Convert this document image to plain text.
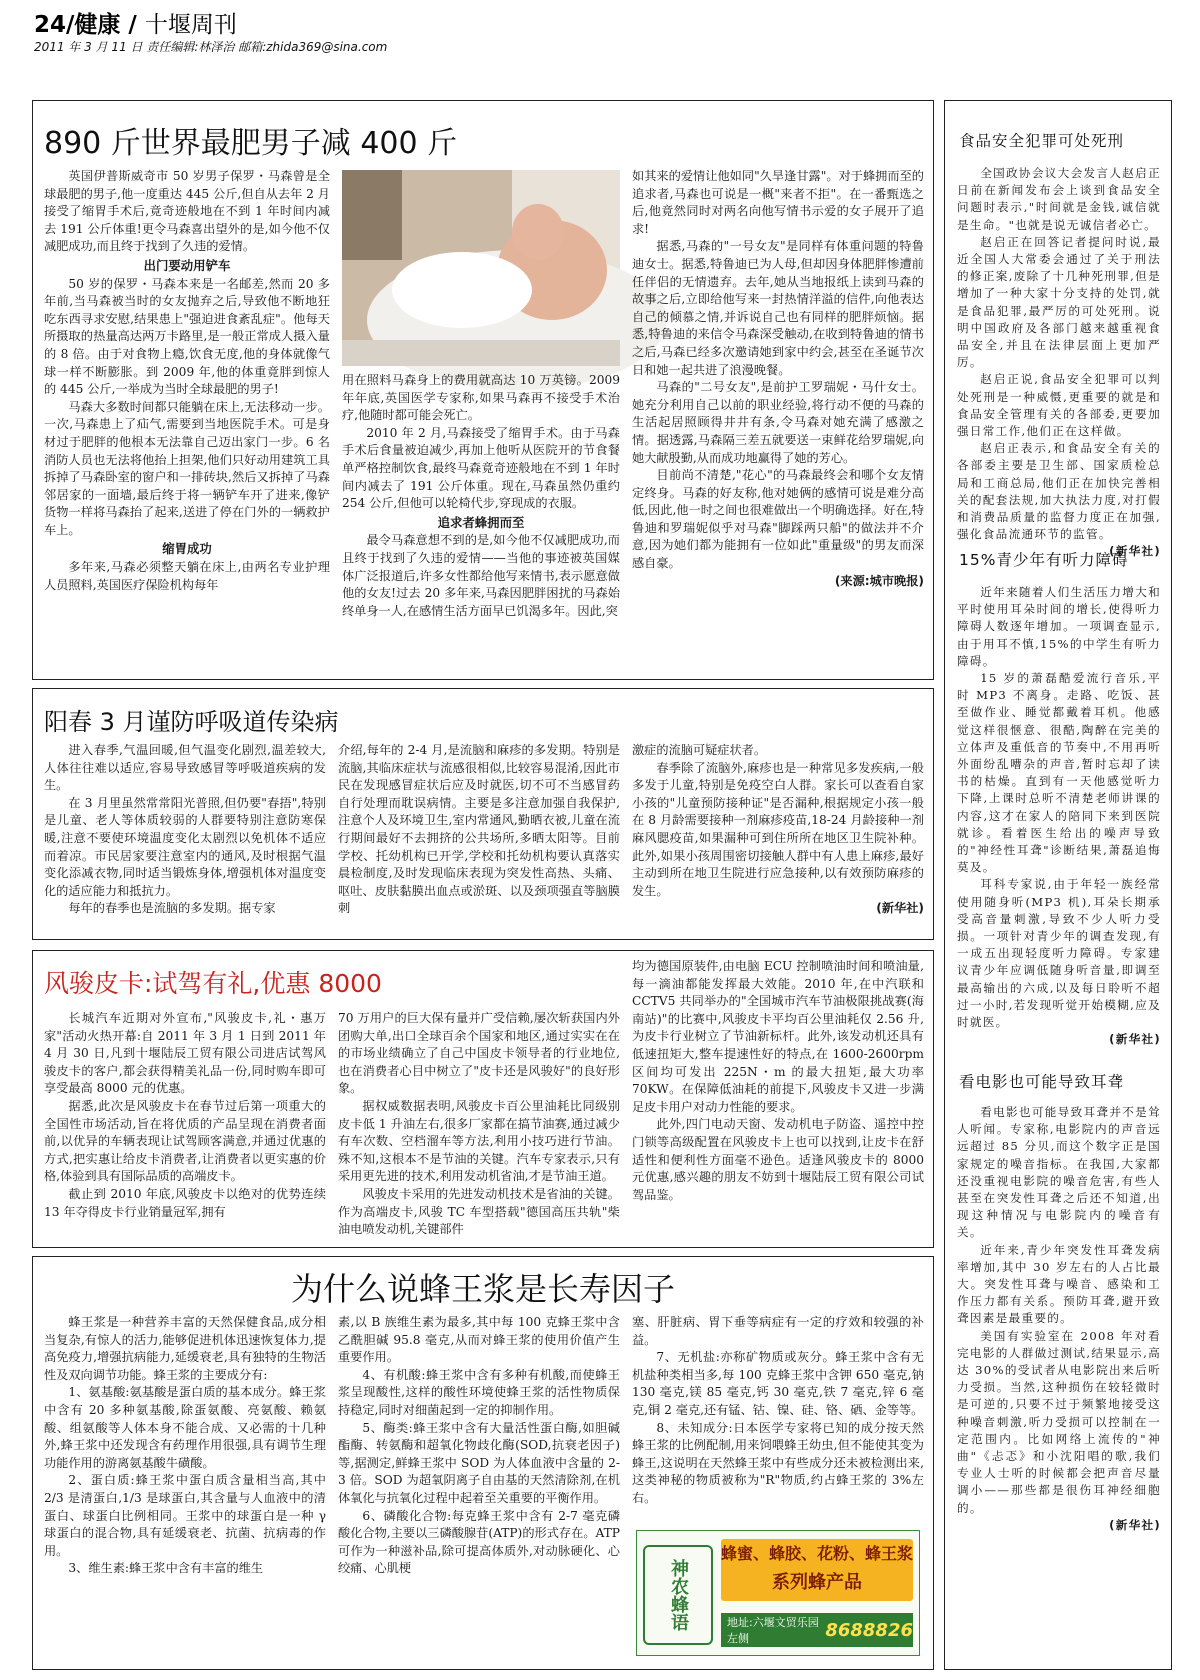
24/健康 / 十堰周刊
2011 年 3 月 11 日 责任编辑:林泽治 邮箱:zhida369@sina.com
890 斤世界最肥男子减 400 斤

英国伊普斯威奇市 50 岁男子保罗・马森曾是全球最肥的男子,他一度重达 445 公斤,但自从去年 2 月接受了缩胃手术后,竟奇迹般地在不到 1 年时间内减去 191 公斤体重!更令马森喜出望外的是,如今他不仅减肥成功,而且终于找到了久违的爱情。

出门要动用铲车

50 岁的保罗・马森本来是一名邮差,然而 20 多年前,当马森被当时的女友抛弃之后,导致他不断地狂吃东西寻求安慰,结果患上"强迫进食紊乱症"。他每天所摄取的热量高达两万卡路里,是一般正常成人摄入量的 8 倍。由于对食物上瘾,饮食无度,他的身体就像气球一样不断膨胀。到 2009 年,他的体重竟胖到惊人的 445 公斤,一举成为当时全球最肥的男子!

马森大多数时间都只能躺在床上,无法移动一步。一次,马森患上了疝气,需要到当地医院手术。可是身材过于肥胖的他根本无法靠自己迈出家门一步。6 名消防人员也无法将他抬上担架,他们只好动用建筑工具拆掉了马森卧室的窗户和一排砖块,然后又拆掉了马森邻居家的一面墙,最后终于将一辆铲车开了进来,像铲货物一样将马森抬了起来,送进了停在门外的一辆救护车上。

缩胃成功

多年来,马森必须整天躺在床上,由两名专业护理人员照料,英国医疗保险机构每年

用在照料马森身上的费用就高达 10 万英镑。2009 年年底,英国医学专家称,如果马森再不接受手术治疗,他随时都可能会死亡。

2010 年 2 月,马森接受了缩胃手术。由于马森手术后食量被迫减少,再加上他听从医院开的节食餐单严格控制饮食,最终马森竟奇迹般地在不到 1 年时间内减去了 191 公斤体重。现在,马森虽然仍重约 254 公斤,但他可以轮椅代步,穿现成的衣服。

追求者蜂拥而至

最令马森意想不到的是,如今他不仅减肥成功,而且终于找到了久违的爱情——当他的事迹被英国媒体广泛报道后,许多女性都给他写来情书,表示愿意做他的女友!过去 20 多年来,马森因肥胖困扰的马森始终单身一人,在感情生活方面早已饥渴多年。因此,突

如其来的爱情让他如同"久旱逢甘露"。对于蜂拥而至的追求者,马森也可说是一概"来者不拒"。在一番甄选之后,他竟然同时对两名向他写情书示爱的女子展开了追求!

据悉,马森的"一号女友"是同样有体重问题的特鲁迪女士。据悉,特鲁迪已为人母,但却因身体肥胖惨遭前任伴侣的无情遗弃。去年,她从当地报纸上读到马森的故事之后,立即给他写来一封热情洋溢的信件,向他表达自己的倾慕之情,并诉说自己也有同样的肥胖烦恼。据悉,特鲁迪的来信令马森深受触动,在收到特鲁迪的情书之后,马森已经多次邀请她到家中约会,甚至在圣诞节次日和她一起共进了浪漫晚餐。

马森的"二号女友",是前护工罗瑞妮・马什女士。她充分利用自己以前的职业经验,将行动不便的马森的生活起居照顾得井井有条,令马森对她充满了感激之情。据透露,马森隔三差五就要送一束鲜花给罗瑞妮,向她大献殷勤,从而成功地赢得了她的芳心。

目前尚不清楚,"花心"的马森最终会和哪个女友情定终身。马森的好友称,他对她俩的感情可说是难分高低,因此,他一时之间也很难做出一个明确选择。好在,特鲁迪和罗瑞妮似乎对马森"脚踩两只船"的做法并不介意,因为她们都为能拥有一位如此"重量级"的男友而深感自豪。

(来源:城市晚报)
阳春 3 月谨防呼吸道传染病

进入春季,气温回暖,但气温变化剧烈,温差较大,人体往往难以适应,容易导致感冒等呼吸道疾病的发生。

在 3 月里虽然常常阳光普照,但仍要"春捂",特别是儿童、老人等体质较弱的人群要特别注意防寒保暖,注意不要使环境温度变化太剧烈以免机体不适应而着凉。市民居家要注意室内的通风,及时根据气温变化添减衣物,同时适当锻炼身体,增强机体对温度变化的适应能力和抵抗力。

每年的春季也是流脑的多发期。据专家

介绍,每年的 2-4 月,是流脑和麻疹的多发期。特别是流脑,其临床症状与流感很相似,比较容易混淆,因此市民在发现感冒症状后应及时就医,切不可不当感冒药自行处理而耽误病情。主要是多注意加强自我保护,注意个人及环境卫生,室内常通风,勤晒衣被,儿童在流行期间最好不去拥挤的公共场所,多晒太阳等。目前学校、托幼机构已开学,学校和托幼机构要认真落实晨检制度,及时发现临床表现为突发性高热、头痛、呕吐、皮肤黏膜出血点或淤斑、以及颈项强直等脑膜刺

激症的流脑可疑症状者。

春季除了流脑外,麻疹也是一种常见多发疾病,一般多发于儿童,特别是免疫空白人群。家长可以查看自家小孩的"儿童预防接种证"是否漏种,根据规定小孩一般在 8 月龄需要接种一剂麻疹疫苗,18-24 月龄接种一剂麻风腮疫苗,如果漏种可到住所所在地区卫生院补种。此外,如果小孩周围密切接触人群中有人患上麻疹,最好主动到所在地卫生院进行应急接种,以有效预防麻疹的发生。

(新华社)
风骏皮卡:试驾有礼,优惠 8000

长城汽车近期对外宣布,"风骏皮卡,礼・惠万家"活动火热开幕:自 2011 年 3 月 1 日到 2011 年 4 月 30 日,凡到十堰陆辰工贸有限公司进店试驾风骏皮卡的客户,都会获得精美礼品一份,同时购车即可享受最高 8000 元的优惠。

据悉,此次是风骏皮卡在春节过后第一项重大的全国性市场活动,旨在将优质的产品呈现在消费者面前,以优异的车辆表现让试驾顾客满意,并通过优惠的方式,把实惠让给皮卡消费者,让消费者以更实惠的价格,体验到具有国际品质的高端皮卡。

截止到 2010 年底,风骏皮卡以绝对的优势连续 13 年夺得皮卡行业销量冠军,拥有

70 万用户的巨大保有量并广受信赖,屡次斩获国内外团购大单,出口全球百余个国家和地区,通过实实在在的市场业绩确立了自己中国皮卡领导者的行业地位,也在消费者心目中树立了"皮卡还是风骏好"的良好形象。

据权威数据表明,风骏皮卡百公里油耗比同级别皮卡低 1 升油左右,很多厂家都在搞节油赛,通过减少有车次数、空档溜车等方法,利用小技巧进行节油。殊不知,这根本不是节油的关键。汽车专家表示,只有采用更先进的技术,利用发动机省油,才是节油王道。

风骏皮卡采用的先进发动机技术是省油的关键。作为高端皮卡,风骏 TC 车型搭载"德国高压共轨"柴油电喷发动机,关键部件

均为德国原装件,由电脑 ECU 控制喷油时间和喷油量,每一滴油都能发挥最大效能。2010 年,在中汽联和 CCTV5 共同举办的"全国城市汽车节油极限挑战赛(海南站)"的比赛中,风骏皮卡平均百公里油耗仅 2.56 升,为皮卡行业树立了节油新标杆。此外,该发动机还具有低速扭矩大,整车提速性好的特点,在 1600-2600rpm 区间均可发出 225N・m 的最大扭矩,最大功率 70KW。在保障低油耗的前提下,风骏皮卡又进一步满足皮卡用户对动力性能的要求。

此外,四门电动天窗、发动机电子防盗、遥控中控门锁等高级配置在风骏皮卡上也可以找到,让皮卡在舒适性和便利性方面毫不逊色。适逢风骏皮卡的 8000 元优惠,感兴趣的朋友不妨到十堰陆辰工贸有限公司试驾品鉴。

为什么说蜂王浆是长寿因子

蜂王浆是一种营养丰富的天然保健食品,成分相当复杂,有惊人的活力,能够促进机体迅速恢复体力,提高免疫力,增强抗病能力,延缓衰老,具有独特的生物活性及双向调节功能。蜂王浆的主要成分有:

1、氨基酸:氨基酸是蛋白质的基本成分。蜂王浆中含有 20 多种氨基酸,除蛋氨酸、亮氨酸、赖氨酸、组氨酸等人体本身不能合成、又必需的十几种外,蜂王浆中还发现含有药理作用很强,具有调节生理功能作用的游离氨基酸牛磺酸。

2、蛋白质:蜂王浆中蛋白质含量相当高,其中 2/3 是清蛋白,1/3 是球蛋白,其含量与人血液中的清蛋白、球蛋白比例相同。王浆中的球蛋白是一种 γ 球蛋白的混合物,具有延缓衰老、抗菌、抗病毒的作用。

3、维生素:蜂王浆中含有丰富的维生

素,以 B 族维生素为最多,其中每 100 克蜂王浆中含乙酰胆碱 95.8 毫克,从而对蜂王浆的使用价值产生重要作用。

4、有机酸:蜂王浆中含有多种有机酸,而使蜂王浆呈现酸性,这样的酸性环境使蜂王浆的活性物质保持稳定,同时对细菌起到一定的抑制作用。

5、酶类:蜂王浆中含有大量活性蛋白酶,如胆碱酯酶、转氨酶和超氧化物歧化酶(SOD,抗衰老因子)等,据测定,鲜蜂王浆中 SOD 为人体血液中含量的 2-3 倍。SOD 为超氧阴离子自由基的天然清除剂,在机体氧化与抗氧化过程中起着至关重要的平衡作用。

6、磷酸化合物:每克蜂王浆中含有 2-7 毫克磷酸化合物,主要以三磷酸腺苷(ATP)的形式存在。ATP 可作为一种滋补品,除可提高体质外,对动脉硬化、心绞痛、心肌梗

塞、肝脏病、胃下垂等病症有一定的疗效和较强的补益。

7、无机盐:亦称矿物质或灰分。蜂王浆中含有无机盐种类相当多,每 100 克蜂王浆中含钾 650 毫克,钠 130 毫克,镁 85 毫克,钙 30 毫克,铁 7 毫克,锌 6 毫克,铜 2 毫克,还有锰、钴、镍、硅、铬、硒、金等等。

8、未知成分:日本医学专家将已知的成分按天然蜂王浆的比例配制,用来饲喂蜂王幼虫,但不能使其变为蜂王,这说明在天然蜂王浆中有些成分还未被检测出来,这类神秘的物质被称为"R"物质,约占蜂王浆的 3%左右。

神农蜂语
蜂蜜、蜂胶、花粉、蜂王浆
系列蜂产品
地址:六堰文贸乐园左侧	8688826
食品安全犯罪可处死刑

全国政协会议大会发言人赵启正日前在新闻发布会上谈到食品安全问题时表示,"时间就是金钱,诚信就是生命。"也就是说无诚信者必亡。

赵启正在回答记者提问时说,最近全国人大常委会通过了关于刑法的修正案,废除了十几种死刑罪,但是增加了一种大家十分支持的处罚,就是食品犯罪,最严厉的可处死刑。说明中国政府及各部门越来越重视食品安全,并且在法律层面上更加严厉。

赵启正说,食品安全犯罪可以判处死刑是一种威慑,更重要的就是和食品安全管理有关的各部委,更要加强日常工作,他们正在这样做。

赵启正表示,和食品安全有关的各部委主要是卫生部、国家质检总局和工商总局,他们正在加快完善相关的配套法规,加大执法力度,对打假和消费品质量的监督力度正在加强,强化食品流通环节的监管。

(新华社)
15%青少年有听力障碍

近年来随着人们生活压力增大和平时使用耳朵时间的增长,使得听力障碍人数逐年增加。一项调查显示,由于用耳不慎,15%的中学生有听力障碍。

15 岁的萧磊酷爱流行音乐,平时 MP3 不离身。走路、吃饭、甚至做作业、睡觉都戴着耳机。他感觉这样很惬意、很酷,陶醉在完美的立体声及重低音的节奏中,不用再听外面纷乱嘈杂的声音,暂时忘却了读书的枯燥。直到有一天他感觉听力下降,上课时总听不清楚老师讲课的内容,这才在家人的陪同下来到医院就诊。看着医生给出的噪声导致的"神经性耳聋"诊断结果,萧磊追悔莫及。

耳科专家说,由于年轻一族经常使用随身听(MP3 机),耳朵长期承受高音量刺激,导致不少人听力受损。一项针对青少年的调查发现,有一成五出现轻度听力障碍。专家建议青少年应调低随身听音量,即调至最高输出的六成,以及每日聆听不超过一小时,若发现听觉开始模糊,应及时就医。

(新华社)
看电影也可能导致耳聋

看电影也可能导致耳聋并不是耸人听闻。专家称,电影院内的声音远远超过 85 分贝,而这个数字正是国家规定的噪音指标。在我国,大家都还没重视电影院的噪音危害,有些人甚至在突发性耳聋之后还不知道,出现这种情况与电影院内的噪音有关。

近年来,青少年突发性耳聋发病率增加,其中 30 岁左右的人占比最大。突发性耳聋与噪音、感染和工作压力都有关系。预防耳聋,避开致聋因素是最重要的。

美国有实验室在 2008 年对看完电影的人群做过测试,结果显示,高达 30%的受试者从电影院出来后听力受损。当然,这种损伤在较轻微时是可逆的,只要不过于频繁地接受这种噪音刺激,听力受损可以控制在一定范围内。比如网络上流传的"神曲"《忐忑》和小沈阳唱的歌,我们专业人士听的时候都会把声音尽量调小——那些都是很伤耳神经细胞的。

(新华社)
